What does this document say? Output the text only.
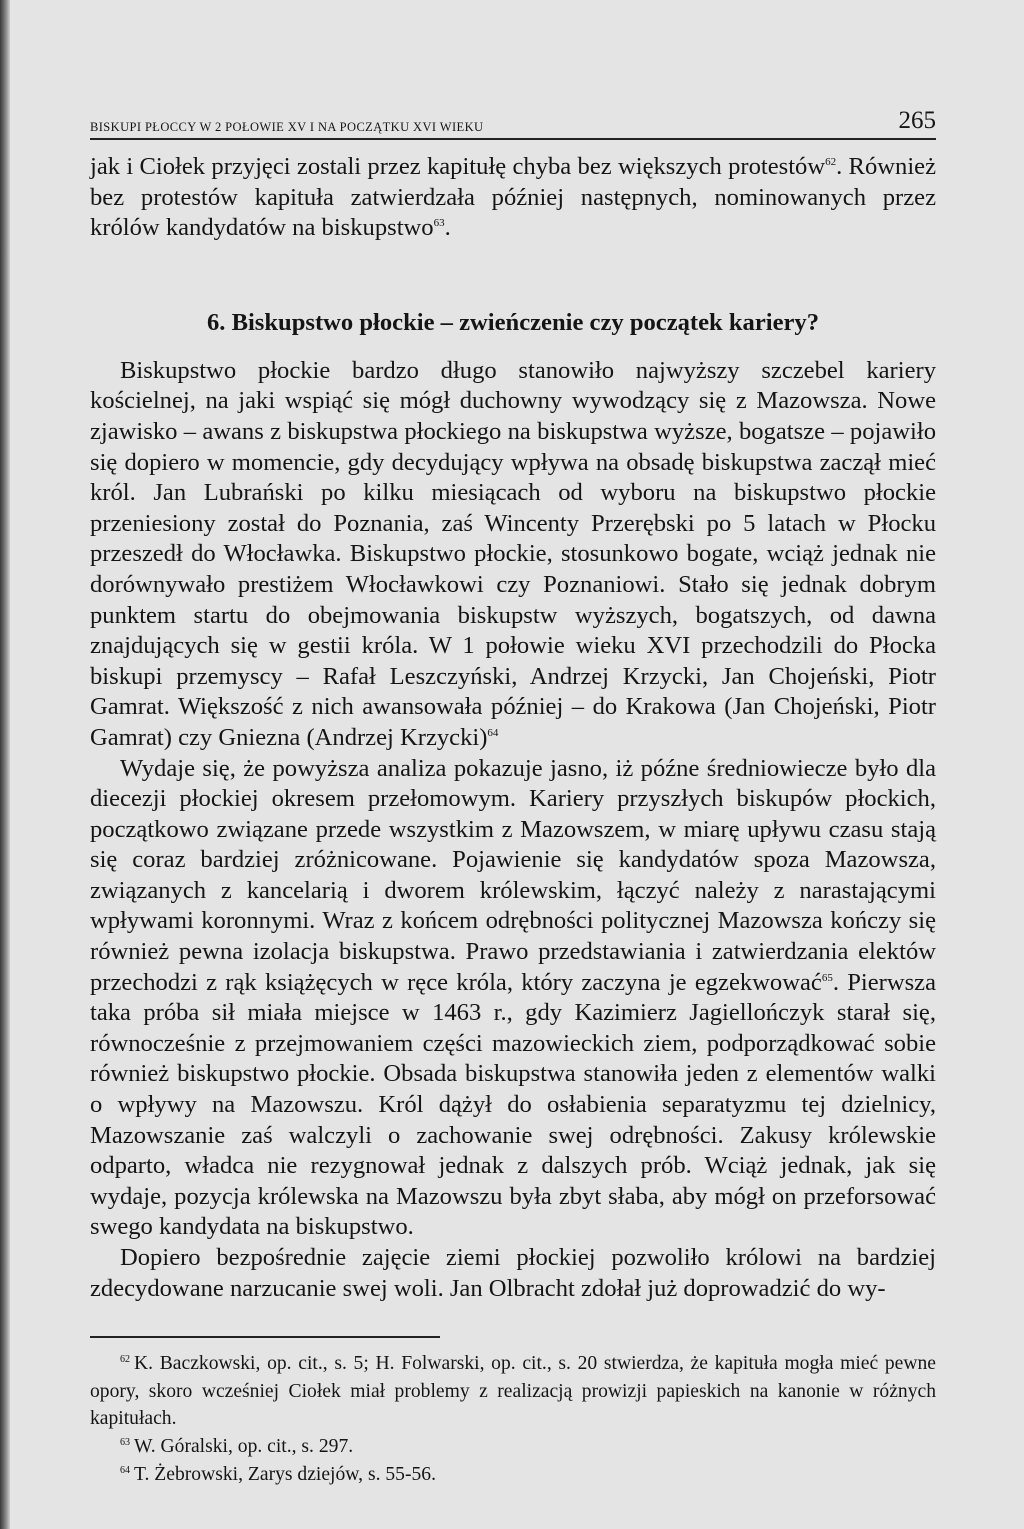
BISKUPI PŁOCCY W 2 POŁOWIE XV I NA POCZĄTKU XVI WIEKU	265

jak i Ciołek przyjęci zostali przez kapitułę chyba bez większych protestów$^{62}$. Również bez protestów kapituła zatwierdzała później następnych, nominowanych przez królów kandydatów na biskupstwo$^{63}$.

6. Biskupstwo płockie – zwieńczenie czy początek kariery?

Biskupstwo płockie bardzo długo stanowiło najwyższy szczebel kariery kościelnej, na jaki wspiąć się mógł duchowny wywodzący się z Mazowsza. Nowe zjawisko – awans z biskupstwa płockiego na biskupstwa wyższe, bogatsze – pojawiło się dopiero w momencie, gdy decydujący wpływa na obsadę biskupstwa zaczął mieć król. Jan Lubrański po kilku miesiącach od wyboru na biskupstwo płockie przeniesiony został do Poznania, zaś Wincenty Przerębski po 5 latach w Płocku przeszedł do Włocławka. Biskupstwo płockie, stosunkowo bogate, wciąż jednak nie dorównywało prestiżem Włocławkowi czy Poznaniowi. Stało się jednak dobrym punktem startu do obejmowania biskupstw wyższych, bogatszych, od dawna znajdujących się w gestii króla. W 1 połowie wieku XVI przechodzili do Płocka biskupi przemyscy – Rafał Leszczyński, Andrzej Krzycki, Jan Chojeński, Piotr Gamrat. Większość z nich awansowała później – do Krakowa (Jan Chojeński, Piotr Gamrat) czy Gniezna (Andrzej Krzycki)$^{64}$

Wydaje się, że powyższa analiza pokazuje jasno, iż późne średniowiecze było dla diecezji płockiej okresem przełomowym. Kariery przyszłych biskupów płockich, początkowo związane przede wszystkim z Mazowszem, w miarę upływu czasu stają się coraz bardziej zróżnicowane. Pojawienie się kandydatów spoza Mazowsza, związanych z kancelarią i dworem królewskim, łączyć należy z narastającymi wpływami koronnymi. Wraz z końcem odrębności politycznej Mazowsza kończy się również pewna izolacja biskupstwa. Prawo przedstawiania i zatwierdzania elektów przechodzi z rąk książęcych w ręce króla, który zaczyna je egzekwować$^{65}$. Pierwsza taka próba sił miała miejsce w 1463 r., gdy Kazimierz Jagiellończyk starał się, równocześnie z przejmowaniem części mazowieckich ziem, podporządkować sobie również biskupstwo płockie. Obsada biskupstwa stanowiła jeden z elementów walki o wpływy na Mazowszu. Król dążył do osłabienia separatyzmu tej dzielnicy, Mazowszanie zaś walczyli o zachowanie swej odrębności. Zakusy królewskie odparto, władca nie rezygnował jednak z dalszych prób. Wciąż jednak, jak się wydaje, pozycja królewska na Mazowszu była zbyt słaba, aby mógł on przeforsować swego kandydata na biskupstwo.

Dopiero bezpośrednie zajęcie ziemi płockiej pozwoliło królowi na bardziej zdecydowane narzucanie swej woli. Jan Olbracht zdołał już doprowadzić do wy-

$^{62}$ K. Baczkowski, op. cit., s. 5; H. Folwarski, op. cit., s. 20 stwierdza, że kapituła mogła mieć pewne opory, skoro wcześniej Ciołek miał problemy z realizacją prowizji papieskich na kanonie w różnych kapitułach.

$^{63}$ W. Góralski, op. cit., s. 297.

$^{64}$ T. Żebrowski, Zarys dziejów, s. 55-56.
